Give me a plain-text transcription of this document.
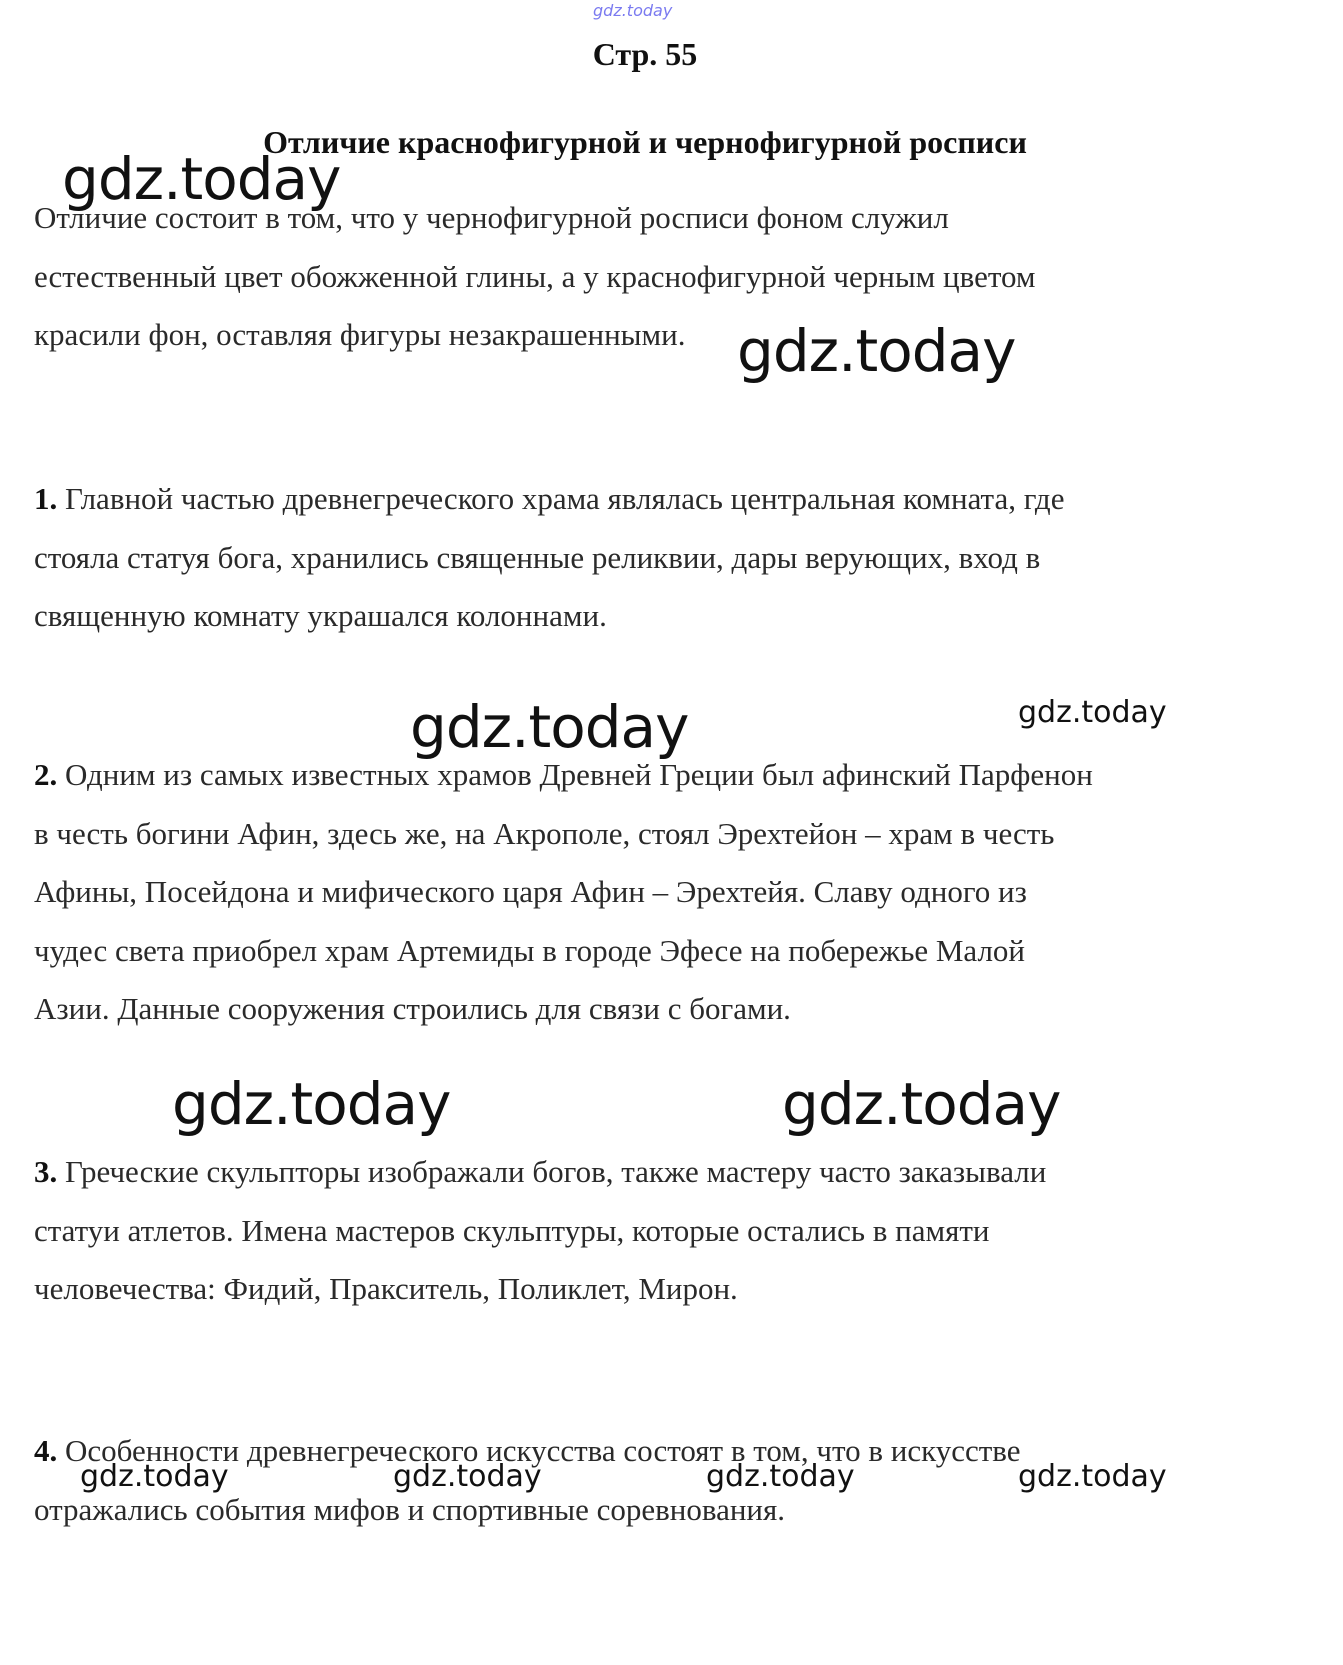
gdz.today
Стр. 55
Отличие краснофигурной и чернофигурной росписи
gdz.today

Отличие состоит в том, что у чернофигурной росписи фоном служил
естественный цвет обожженной глины, а у краснофигурной черным цветом
красили фон, оставляя фигуры незакрашенными. gdz.today

1. Главной частью древнегреческого храма являлась центральная комната, где
стояла статуя бога, хранились священные реликвии, дары верующих, вход в
священную комнату украшался колоннами.

gdz.today	gdz.today

2. Одним из самых известных храмов Древней Греции был афинский Парфенон
в честь богини Афин, здесь же, на Акрополе, стоял Эрехтейон – храм в честь
Афины, Посейдона и мифического царя Афин – Эрехтейя. Славу одного из
чудес света приобрел храм Артемиды в городе Эфесе на побережье Малой
Азии. Данные сооружения строились для связи с богами.

gdz.today	gdz.today

3. Греческие скульпторы изображали богов, также мастеру часто заказывали
статуи атлетов. Имена мастеров скульптуры, которые остались в памяти
человечества: Фидий, Пракситель, Поликлет, Мирон.

4. Особенности древнегреческого искусства состоят в том, что в искусстве
отражались события мифов и спортивные соревнования.

gdz.today	gdz.today	gdz.today	gdz.today
